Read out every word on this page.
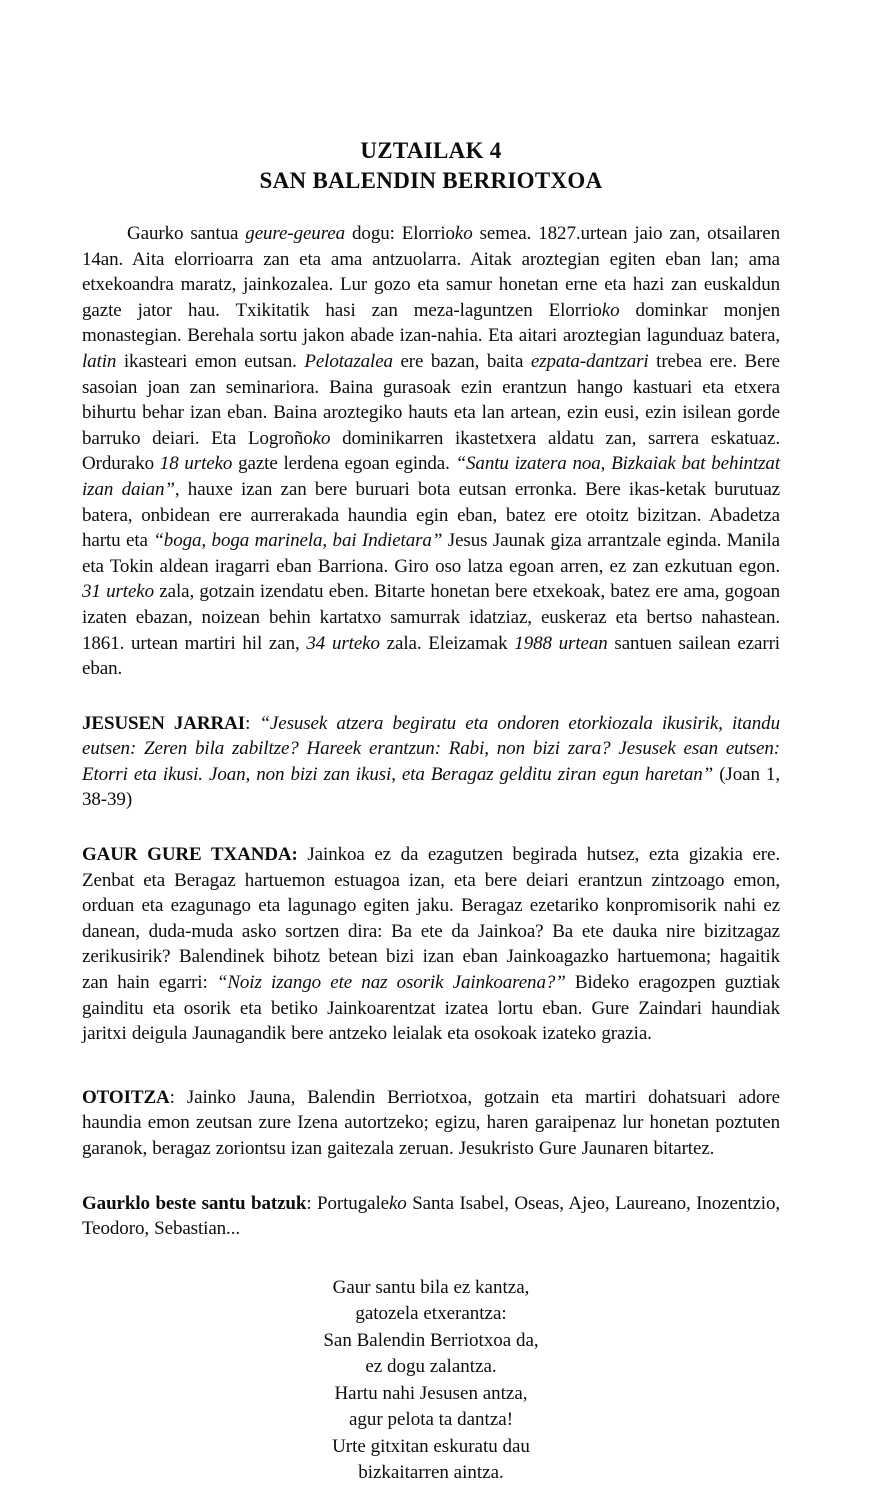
UZTAILAK 4
SAN BALENDIN BERRIOTXOA

Gaurko santua geure-geurea dogu: Elorrioko semea. 1827.urtean jaio zan, otsailaren 14an. Aita elorrioarra zan eta ama antzuolarra. Aitak aroztegian egiten eban lan; ama etxekoandra maratz, jainkozalea. Lur gozo eta samur honetan erne eta hazi zan euskaldun gazte jator hau. Txikitatik hasi zan meza-laguntzen Elorrioko dominkar monjen monastegian. Berehala sortu jakon abade izan-nahia. Eta aitari aroztegian lagunduaz batera, latin ikasteari emon eutsan. Pelotazalea ere bazan, baita ezpata-dantzari trebea ere. Bere sasoian joan zan seminariora. Baina gurasoak ezin erantzun hango kastuari eta etxera bihurtu behar izan eban. Baina aroztegiko hauts eta lan artean, ezin eusi, ezin isilean gorde barruko deiari. Eta Logroñoko dominikarren ikastetxera aldatu zan, sarrera eskatuaz. Ordurako 18 urteko gazte lerdena egoan eginda. “Santu izatera noa, Bizkaiak bat behintzat izan daian”, hauxe izan zan bere buruari bota eutsan erronka. Bere ikas-ketak burutuaz batera, onbidean ere aurrerakada haundia egin eban, batez ere otoitz bizitzan. Abadetza hartu eta “boga, boga marinela, bai Indietara” Jesus Jaunak giza arrantzale eginda. Manila eta Tokin aldean iragarri eban Barriona. Giro oso latza egoan arren, ez zan ezkutuan egon. 31 urteko zala, gotzain izendatu eben. Bitarte honetan bere etxekoak, batez ere ama, gogoan izaten ebazan, noizean behin kartatxo samurrak idatziaz, euskeraz eta bertso nahastean. 1861. urtean martiri hil zan, 34 urteko zala. Eleizamak 1988 urtean santuen sailean ezarri eban.

JESUSEN JARRAI: “Jesusek atzera begiratu eta ondoren etorkiozala ikusirik, itandu eutsen: Zeren bila zabiltze? Hareek erantzun: Rabi, non bizi zara? Jesusek esan eutsen: Etorri eta ikusi. Joan, non bizi zan ikusi, eta Beragaz gelditu ziran egun haretan” (Joan 1, 38-39)

GAUR GURE TXANDA: Jainkoa ez da ezagutzen begirada hutsez, ezta gizakia ere. Zenbat eta Beragaz hartuemon estuagoa izan, eta bere deiari erantzun zintzoago emon, orduan eta ezagunago eta lagunago egiten jaku. Beragaz ezetariko konpromisorik nahi ez danean, duda-muda asko sortzen dira: Ba ete da Jainkoa? Ba ete dauka nire bizitzagaz zerikusirik? Balendinek bihotz betean bizi izan eban Jainkoagazko hartuemona; hagaitik zan hain egarri: “Noiz izango ete naz osorik Jainkoarena?” Bideko eragozpen guztiak gainditu eta osorik eta betiko Jainkoarentzat izatea lortu eban. Gure Zaindari haundiak jaritxi deigula Jaunagandik bere antzeko leialak eta osokoak izateko grazia.

OTOITZA: Jainko Jauna, Balendin Berriotxoa, gotzain eta martiri dohatsuari adore haundia emon zeutsan zure Izena autortzeko; egizu, haren garaipenaz lur honetan poztuten garanok, beragaz zoriontsu izan gaitezala zeruan. Jesukristo Gure Jaunaren bitartez.

Gaurklo beste santu batzuk: Portugaleko Santa Isabel, Oseas, Ajeo, Laureano, Inozentzio, Teodoro, Sebastian...

Gaur santu bila ez kantza,
gatozela etxerantza:
San Balendin Berriotxoa da,
ez dogu zalantza.
Hartu nahi Jesusen antza,
agur pelota ta dantza!
Urte gitxitan eskuratu dau
bizkaitarren aintza.
